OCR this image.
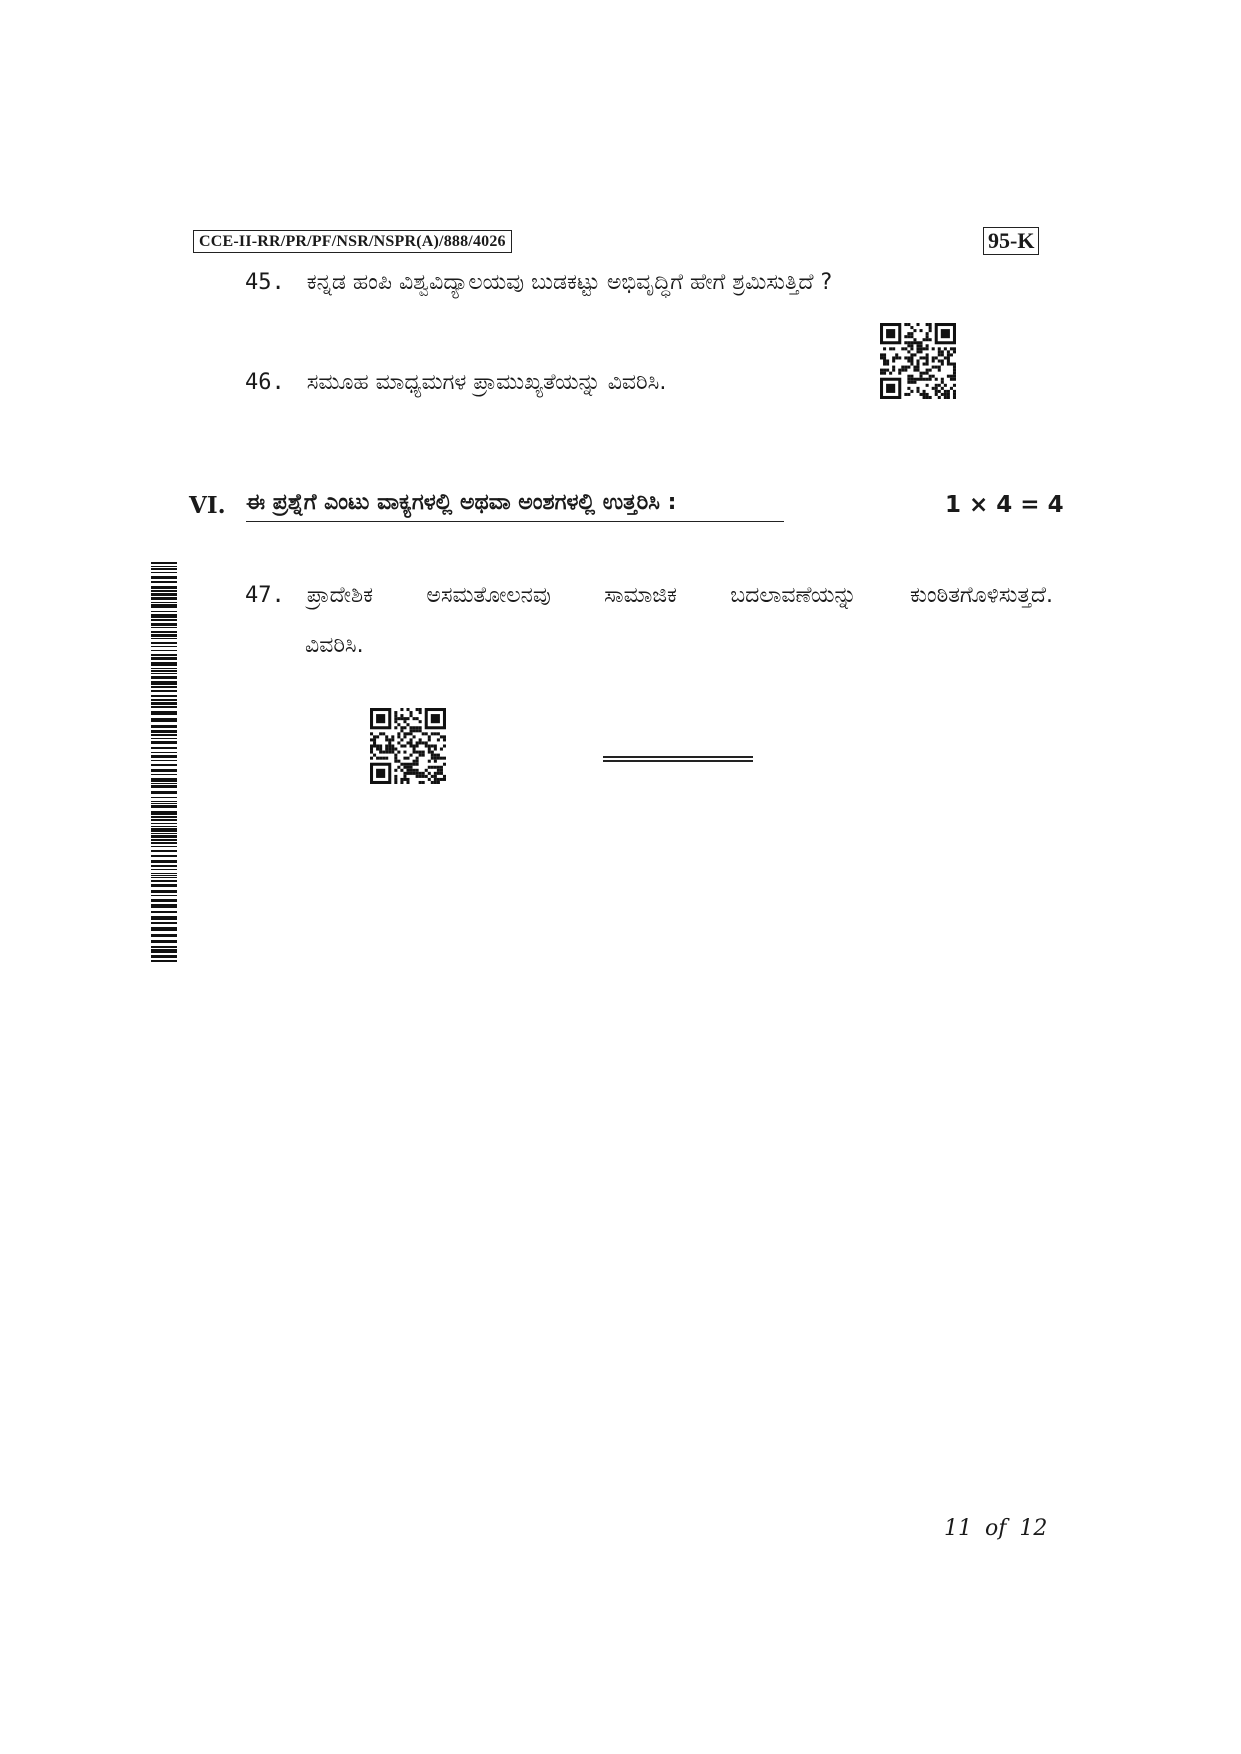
CCE-II-RR/PR/PF/NSR/NSPR(A)/888/4026	95-K
45. ಕನ್ನಡ ಹಂಪಿ ವಿಶ್ವವಿದ್ಯಾಲಯವು ಬುಡಕಟ್ಟು ಅಭಿವೃದ್ಧಿಗೆ ಹೇಗೆ ಶ್ರಮಿಸುತ್ತಿದೆ ?
46. ಸಮೂಹ ಮಾಧ್ಯಮಗಳ ಪ್ರಾಮುಖ್ಯತೆಯನ್ನು ವಿವರಿಸಿ.
VI. ಈ ಪ್ರಶ್ನೆಗೆ ಎಂಟು ವಾಕ್ಯಗಳಲ್ಲಿ ಅಥವಾ ಅಂಶಗಳಲ್ಲಿ ಉತ್ತರಿಸಿ :	1 × 4 = 4
47. ಪ್ರಾದೇಶಿಕ ಅಸಮತೋಲನವು ಸಾಮಾಜಿಕ ಬದಲಾವಣೆಯನ್ನು ಕುಂಠಿತಗೊಳಿಸುತ್ತದೆ.
ವಿವರಿಸಿ.
11 of 12
